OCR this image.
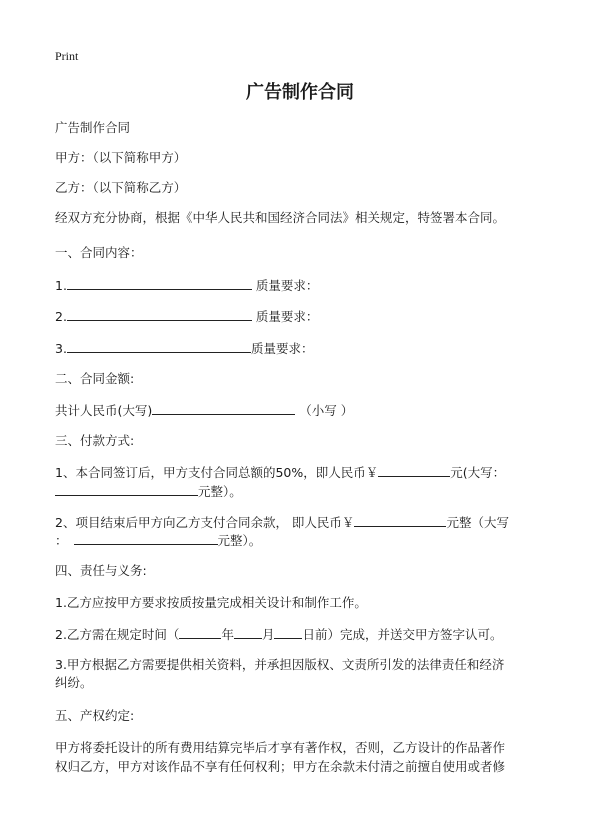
Print
广告制作合同
广告制作合同
甲方：（以下简称甲方）
乙方：（以下简称乙方）
经双方充分协商，根据《中华人民共和国经济合同法》相关规定，特签署本合同。
一、合同内容：
1.	质量要求：
2.	质量要求：
3.	质量要求：
二、合同金额:
共计人民币(大写)	（小写 ）
三、付款方式:
1、本合同签订后，甲方支付合同总额的50%，即人民币￥	元(大写：
元整）。
2、项目结束后甲方向乙方支付合同余款， 即人民币￥	元整（大写
：	元整）。
四、责任与义务:
1.乙方应按甲方要求按质按量完成相关设计和制作工作。
2.乙方需在规定时间（	年 月 日前）完成，并送交甲方签字认可。
3.甲方根据乙方需要提供相关资料，并承担因版权、文责所引发的法律责任和经济
纠纷。
五、产权约定:
甲方将委托设计的所有费用结算完毕后才享有著作权，否则，乙方设计的作品著作
权归乙方，甲方对该作品不享有任何权利；甲方在余款未付清之前擅自使用或者修
